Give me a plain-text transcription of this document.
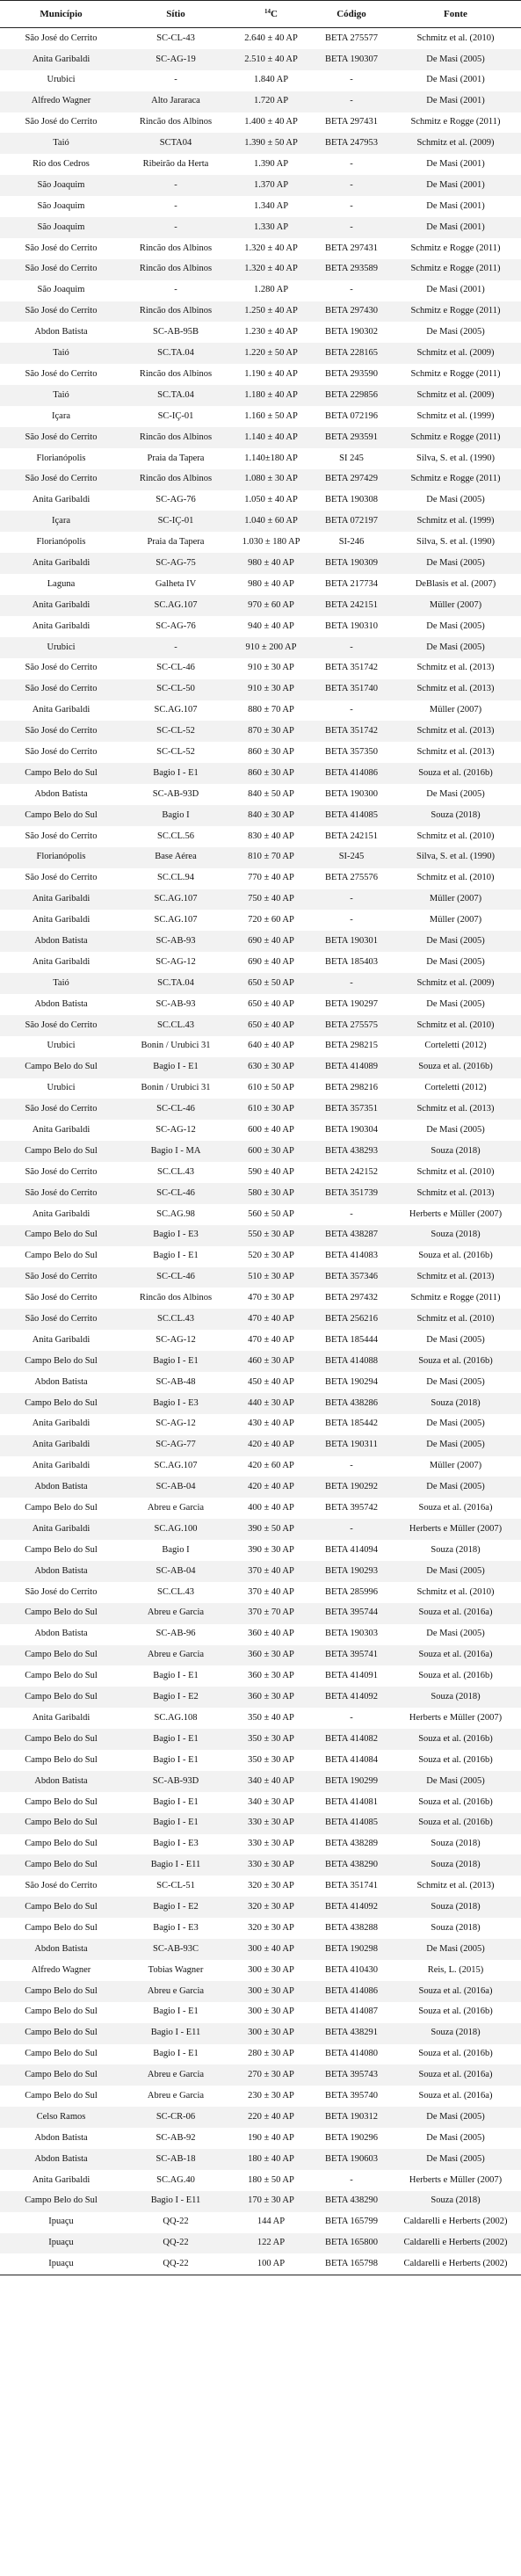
Município	Sítio	$^{14}$C	Código	Fonte
São José do Cerrito	SC-CL-43	2.640 ± 40 AP	BETA 275577	Schmitz et al. (2010)
Anita Garibaldi	SC-AG-19	2.510 ± 40 AP	BETA 190307	De Masi (2005)
Urubici	-	1.840 AP	-	De Masi (2001)
Alfredo Wagner	Alto Jararaca	1.720 AP	-	De Masi (2001)
São José do Cerrito	Rincão dos Albinos	1.400 ± 40 AP	BETA 297431	Schmitz e Rogge (2011)
Taió	SCTA04	1.390 ± 50 AP	BETA 247953	Schmitz et al. (2009)
Rio dos Cedros	Ribeirão da Herta	1.390 AP	-	De Masi (2001)
São Joaquim	-	1.370 AP	-	De Masi (2001)
São Joaquim	-	1.340 AP	-	De Masi (2001)
São Joaquim	-	1.330 AP	-	De Masi (2001)
São José do Cerrito	Rincão dos Albinos	1.320 ± 40 AP	BETA 297431	Schmitz e Rogge (2011)
São José do Cerrito	Rincão dos Albinos	1.320 ± 40 AP	BETA 293589	Schmitz e Rogge (2011)
São Joaquim	-	1.280 AP	-	De Masi (2001)
São José do Cerrito	Rincão dos Albinos	1.250 ± 40 AP	BETA 297430	Schmitz e Rogge (2011)
Abdon Batista	SC-AB-95B	1.230 ± 40 AP	BETA 190302	De Masi (2005)
Taió	SC.TA.04	1.220 ± 50 AP	BETA 228165	Schmitz et al. (2009)
São José do Cerrito	Rincão dos Albinos	1.190 ± 40 AP	BETA 293590	Schmitz e Rogge (2011)
Taió	SC.TA.04	1.180 ± 40 AP	BETA 229856	Schmitz et al. (2009)
Içara	SC-IÇ-01	1.160 ± 50 AP	BETA 072196	Schmitz et al. (1999)
São José do Cerrito	Rincão dos Albinos	1.140 ± 40 AP	BETA 293591	Schmitz e Rogge (2011)
Florianópolis	Praia da Tapera	1.140±180 AP	SI 245	Silva, S. et al. (1990)
São José do Cerrito	Rincão dos Albinos	1.080 ± 30 AP	BETA 297429	Schmitz e Rogge (2011)
Anita Garibaldi	SC-AG-76	1.050 ± 40 AP	BETA 190308	De Masi (2005)
Içara	SC-IÇ-01	1.040 ± 60 AP	BETA 072197	Schmitz et al. (1999)
Florianópolis	Praia da Tapera	1.030 ± 180 AP	SI-246	Silva, S. et al. (1990)
Anita Garibaldi	SC-AG-75	980 ± 40 AP	BETA 190309	De Masi (2005)
Laguna	Galheta IV	980 ± 40 AP	BETA 217734	DeBlasis et al. (2007)
Anita Garibaldi	SC.AG.107	970 ± 60 AP	BETA 242151	Müller (2007)
Anita Garibaldi	SC-AG-76	940 ± 40 AP	BETA 190310	De Masi (2005)
Urubici	-	910 ± 200 AP	-	De Masi (2005)
São José do Cerrito	SC-CL-46	910 ± 30 AP	BETA 351742	Schmitz et al. (2013)
São José do Cerrito	SC-CL-50	910 ± 30 AP	BETA 351740	Schmitz et al. (2013)
Anita Garibaldi	SC.AG.107	880 ± 70 AP	-	Müller (2007)
São José do Cerrito	SC-CL-52	870 ± 30 AP	BETA 351742	Schmitz et al. (2013)
São José do Cerrito	SC-CL-52	860 ± 30 AP	BETA 357350	Schmitz et al. (2013)
Campo Belo do Sul	Bagio I - E1	860 ± 30 AP	BETA 414086	Souza et al. (2016b)
Abdon Batista	SC-AB-93D	840 ± 50 AP	BETA 190300	De Masi (2005)
Campo Belo do Sul	Bagio I	840 ± 30 AP	BETA 414085	Souza (2018)
São José do Cerrito	SC.CL.56	830 ± 40 AP	BETA 242151	Schmitz et al. (2010)
Florianópolis	Base Aérea	810 ± 70 AP	SI-245	Silva, S. et al. (1990)
São José do Cerrito	SC.CL.94	770 ± 40 AP	BETA 275576	Schmitz et al. (2010)
Anita Garibaldi	SC.AG.107	750 ± 40 AP	-	Müller (2007)
Anita Garibaldi	SC.AG.107	720 ± 60 AP	-	Müller (2007)
Abdon Batista	SC-AB-93	690 ± 40 AP	BETA 190301	De Masi (2005)
Anita Garibaldi	SC-AG-12	690 ± 40 AP	BETA 185403	De Masi (2005)
Taió	SC.TA.04	650 ± 50 AP	-	Schmitz et al. (2009)
Abdon Batista	SC-AB-93	650 ± 40 AP	BETA 190297	De Masi (2005)
São José do Cerrito	SC.CL.43	650 ± 40 AP	BETA 275575	Schmitz et al. (2010)
Urubici	Bonin / Urubici 31	640 ± 40 AP	BETA 298215	Corteletti (2012)
Campo Belo do Sul	Bagio I - E1	630 ± 30 AP	BETA 414089	Souza et al. (2016b)
Urubici	Bonin / Urubici 31	610 ± 50 AP	BETA 298216	Corteletti (2012)
São José do Cerrito	SC-CL-46	610 ± 30 AP	BETA 357351	Schmitz et al. (2013)
Anita Garibaldi	SC-AG-12	600 ± 40 AP	BETA 190304	De Masi (2005)
Campo Belo do Sul	Bagio I - MA	600 ± 30 AP	BETA 438293	Souza (2018)
São José do Cerrito	SC.CL.43	590 ± 40 AP	BETA 242152	Schmitz et al. (2010)
São José do Cerrito	SC-CL-46	580 ± 30 AP	BETA 351739	Schmitz et al. (2013)
Anita Garibaldi	SC.AG.98	560 ± 50 AP	-	Herberts e Müller (2007)
Campo Belo do Sul	Bagio I - E3	550 ± 30 AP	BETA 438287	Souza (2018)
Campo Belo do Sul	Bagio I - E1	520 ± 30 AP	BETA 414083	Souza et al. (2016b)
São José do Cerrito	SC-CL-46	510 ± 30 AP	BETA 357346	Schmitz et al. (2013)
São José do Cerrito	Rincão dos Albinos	470 ± 30 AP	BETA 297432	Schmitz e Rogge (2011)
São José do Cerrito	SC.CL.43	470 ± 40 AP	BETA 256216	Schmitz et al. (2010)
Anita Garibaldi	SC-AG-12	470 ± 40 AP	BETA 185444	De Masi (2005)
Campo Belo do Sul	Bagio I - E1	460 ± 30 AP	BETA 414088	Souza et al. (2016b)
Abdon Batista	SC-AB-48	450 ± 40 AP	BETA 190294	De Masi (2005)
Campo Belo do Sul	Bagio I - E3	440 ± 30 AP	BETA 438286	Souza (2018)
Anita Garibaldi	SC-AG-12	430 ± 40 AP	BETA 185442	De Masi (2005)
Anita Garibaldi	SC-AG-77	420 ± 40 AP	BETA 190311	De Masi (2005)
Anita Garibaldi	SC.AG.107	420 ± 60 AP	-	Müller (2007)
Abdon Batista	SC-AB-04	420 ± 40 AP	BETA 190292	De Masi (2005)
Campo Belo do Sul	Abreu e Garcia	400 ± 40 AP	BETA 395742	Souza et al. (2016a)
Anita Garibaldi	SC.AG.100	390 ± 50 AP	-	Herberts e Müller (2007)
Campo Belo do Sul	Bagio I	390 ± 30 AP	BETA 414094	Souza (2018)
Abdon Batista	SC-AB-04	370 ± 40 AP	BETA 190293	De Masi (2005)
São José do Cerrito	SC.CL.43	370 ± 40 AP	BETA 285996	Schmitz et al. (2010)
Campo Belo do Sul	Abreu e Garcia	370 ± 70 AP	BETA 395744	Souza et al. (2016a)
Abdon Batista	SC-AB-96	360 ± 40 AP	BETA 190303	De Masi (2005)
Campo Belo do Sul	Abreu e Garcia	360 ± 30 AP	BETA 395741	Souza et al. (2016a)
Campo Belo do Sul	Bagio I - E1	360 ± 30 AP	BETA 414091	Souza et al. (2016b)
Campo Belo do Sul	Bagio I - E2	360 ± 30 AP	BETA 414092	Souza (2018)
Anita Garibaldi	SC.AG.108	350 ± 40 AP	-	Herberts e Müller (2007)
Campo Belo do Sul	Bagio I - E1	350 ± 30 AP	BETA 414082	Souza et al. (2016b)
Campo Belo do Sul	Bagio I - E1	350 ± 30 AP	BETA 414084	Souza et al. (2016b)
Abdon Batista	SC-AB-93D	340 ± 40 AP	BETA 190299	De Masi (2005)
Campo Belo do Sul	Bagio I - E1	340 ± 30 AP	BETA 414081	Souza et al. (2016b)
Campo Belo do Sul	Bagio I - E1	330 ± 30 AP	BETA 414085	Souza et al. (2016b)
Campo Belo do Sul	Bagio I - E3	330 ± 30 AP	BETA 438289	Souza (2018)
Campo Belo do Sul	Bagio I - E11	330 ± 30 AP	BETA 438290	Souza (2018)
São José do Cerrito	SC-CL-51	320 ± 30 AP	BETA 351741	Schmitz et al. (2013)
Campo Belo do Sul	Bagio I - E2	320 ± 30 AP	BETA 414092	Souza (2018)
Campo Belo do Sul	Bagio I - E3	320 ± 30 AP	BETA 438288	Souza (2018)
Abdon Batista	SC-AB-93C	300 ± 40 AP	BETA 190298	De Masi (2005)
Alfredo Wagner	Tobias Wagner	300 ± 30 AP	BETA 410430	Reis, L. (2015)
Campo Belo do Sul	Abreu e Garcia	300 ± 30 AP	BETA 414086	Souza et al. (2016a)
Campo Belo do Sul	Bagio I - E1	300 ± 30 AP	BETA 414087	Souza et al. (2016b)
Campo Belo do Sul	Bagio I - E11	300 ± 30 AP	BETA 438291	Souza (2018)
Campo Belo do Sul	Bagio I - E1	280 ± 30 AP	BETA 414080	Souza et al. (2016b)
Campo Belo do Sul	Abreu e Garcia	270 ± 30 AP	BETA 395743	Souza et al. (2016a)
Campo Belo do Sul	Abreu e Garcia	230 ± 30 AP	BETA 395740	Souza et al. (2016a)
Celso Ramos	SC-CR-06	220 ± 40 AP	BETA 190312	De Masi (2005)
Abdon Batista	SC-AB-92	190 ± 40 AP	BETA 190296	De Masi (2005)
Abdon Batista	SC-AB-18	180 ± 40 AP	BETA 190603	De Masi (2005)
Anita Garibaldi	SC.AG.40	180 ± 50 AP	-	Herberts e Müller (2007)
Campo Belo do Sul	Bagio I - E11	170 ± 30 AP	BETA 438290	Souza (2018)
Ipuaçu	QQ-22	144 AP	BETA 165799	Caldarelli e Herberts (2002)
Ipuaçu	QQ-22	122 AP	BETA 165800	Caldarelli e Herberts (2002)
Ipuaçu	QQ-22	100 AP	BETA 165798	Caldarelli e Herberts (2002)
